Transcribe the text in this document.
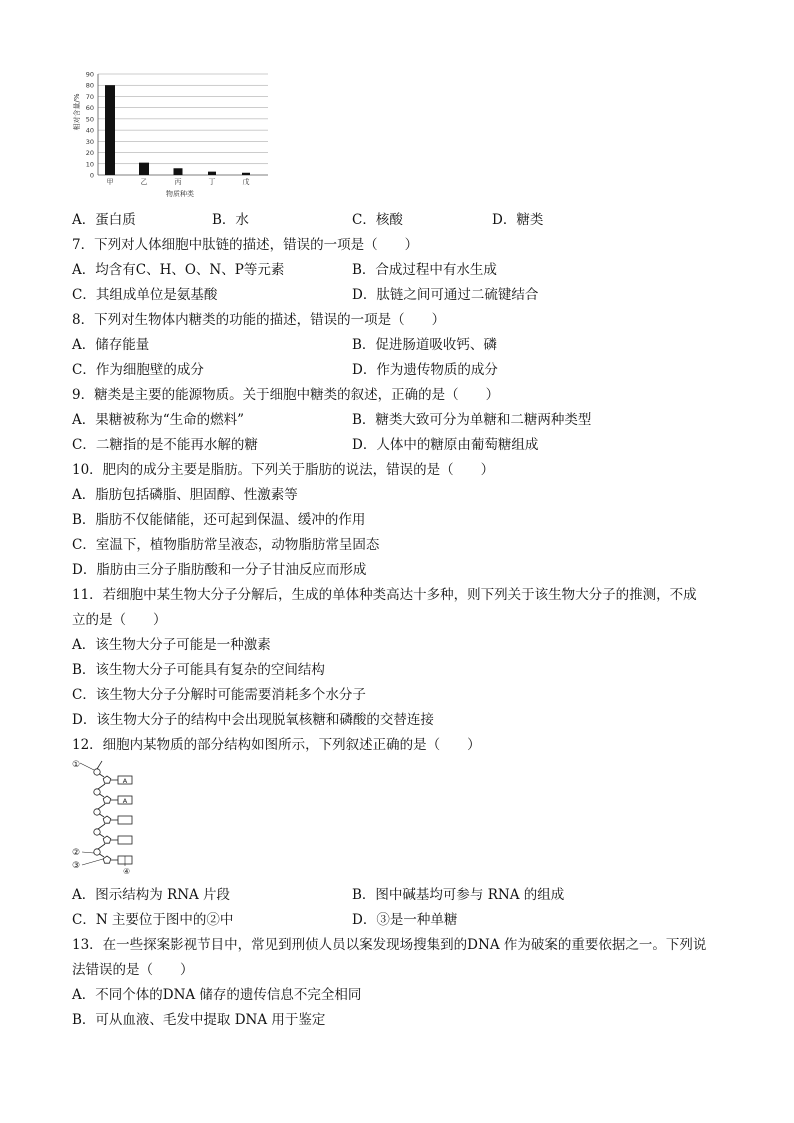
0
10
20
30
40
50
60
70
80
90
甲	乙	丙	丁	戊
相对含量/%
物质种类
A．蛋白质	B．水	C．核酸	D．糖类
7．下列对人体细胞中肽链的描述，错误的一项是（　　）
A．均含有C、H、O、N、P等元素	B．合成过程中有水生成
C．其组成单位是氨基酸	D．肽链之间可通过二硫键结合
8．下列对生物体内糖类的功能的描述，错误的一项是（　　）
A．储存能量	B．促进肠道吸收钙、磷
C．作为细胞壁的成分	D．作为遗传物质的成分
9．糖类是主要的能源物质。关于细胞中糖类的叙述，正确的是（　　）
A．果糖被称为“生命的燃料”	B．糖类大致可分为单糖和二糖两种类型
C．二糖指的是不能再水解的糖	D．人体中的糖原由葡萄糖组成
10．肥肉的成分主要是脂肪。下列关于脂肪的说法，错误的是（　　）
A．脂肪包括磷脂、胆固醇、性激素等
B．脂肪不仅能储能，还可起到保温、缓冲的作用
C．室温下，植物脂肪常呈液态，动物脂肪常呈固态
D．脂肪由三分子脂肪酸和一分子甘油反应而形成
11．若细胞中某生物大分子分解后，生成的单体种类高达十多种，则下列关于该生物大分子的推测，不成
立的是（　　）
A．该生物大分子可能是一种激素
B．该生物大分子可能具有复杂的空间结构
C．该生物大分子分解时可能需要消耗多个水分子
D．该生物大分子的结构中会出现脱氧核糖和磷酸的交替连接
12．细胞内某物质的部分结构如图所示，下列叙述正确的是（　　）
A
A
①
②
③
④
A．图示结构为 RNA 片段	B．图中碱基均可参与 RNA 的组成
C．N 主要位于图中的②中	D．③是一种单糖
13．在一些探案影视节目中，常见到刑侦人员以案发现场搜集到的DNA 作为破案的重要依据之一。下列说
法错误的是（　　）
A．不同个体的DNA 储存的遗传信息不完全相同
B．可从血液、毛发中提取 DNA 用于鉴定
